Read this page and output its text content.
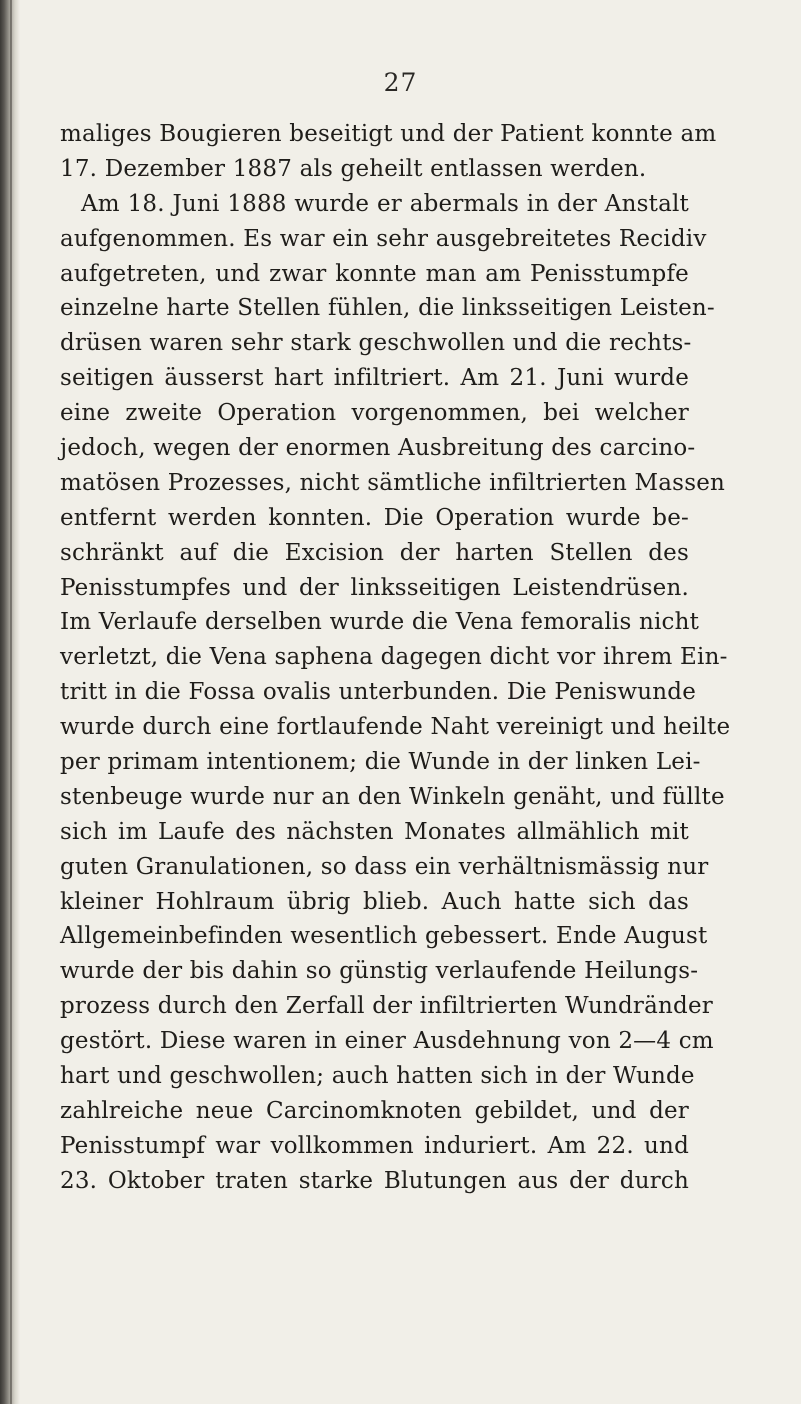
27
maliges Bougieren beseitigt und der Patient konnte am
17. Dezember 1887 als geheilt entlassen werden.
Am 18. Juni 1888 wurde er abermals in der Anstalt
aufgenommen. Es war ein sehr ausgebreitetes Recidiv
aufgetreten, und zwar konnte man am Penisstumpfe
einzelne harte Stellen fühlen, die linksseitigen Leisten-
drüsen waren sehr stark geschwollen und die rechts-
seitigen äusserst hart infiltriert. Am 21. Juni wurde
eine zweite Operation vorgenommen, bei welcher
jedoch, wegen der enormen Ausbreitung des carcino-
matösen Prozesses, nicht sämtliche infiltrierten Massen
entfernt werden konnten. Die Operation wurde be-
schränkt auf die Excision der harten Stellen des
Penisstumpfes und der linksseitigen Leistendrüsen.
Im Verlaufe derselben wurde die Vena femoralis nicht
verletzt, die Vena saphena dagegen dicht vor ihrem Ein-
tritt in die Fossa ovalis unterbunden. Die Peniswunde
wurde durch eine fortlaufende Naht vereinigt und heilte
per primam intentionem; die Wunde in der linken Lei-
stenbeuge wurde nur an den Winkeln genäht, und füllte
sich im Laufe des nächsten Monates allmählich mit
guten Granulationen, so dass ein verhältnismässig nur
kleiner Hohlraum übrig blieb. Auch hatte sich das
Allgemeinbefinden wesentlich gebessert. Ende August
wurde der bis dahin so günstig verlaufende Heilungs-
prozess durch den Zerfall der infiltrierten Wundränder
gestört. Diese waren in einer Ausdehnung von 2—4 cm
hart und geschwollen; auch hatten sich in der Wunde
zahlreiche neue Carcinomknoten gebildet, und der
Penisstumpf war vollkommen induriert. Am 22. und
23. Oktober traten starke Blutungen aus der durch
